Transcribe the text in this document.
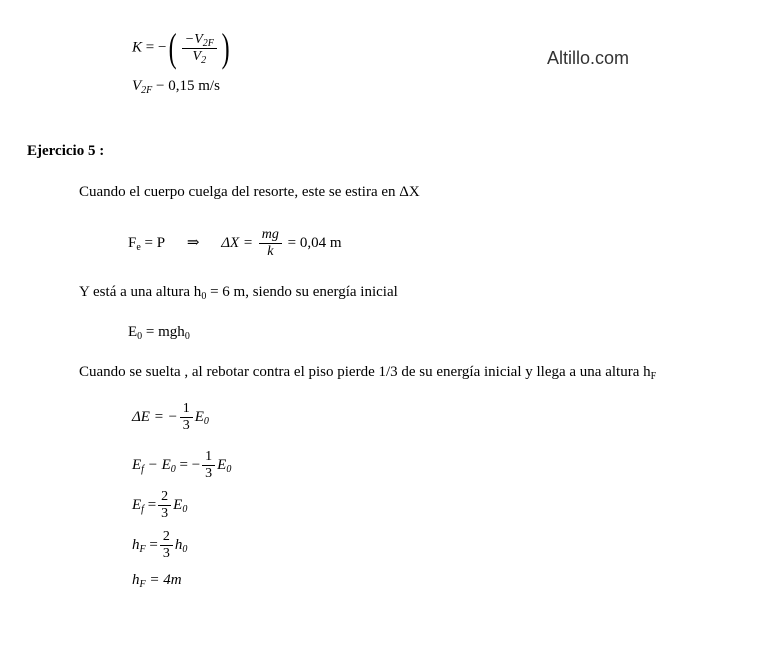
Altillo.com
K = −( $\frac{-V_{2F}}{V_2}$ )
$V_{2F} - 0,15$ m/s
Ejercicio 5 :
Cuando el cuerpo cuelga del resorte, este se estira en ΔX
$F_e = P$ ⇒ $\Delta X = \frac{mg}{k} = 0,04$ m
Y está a una altura $h_0 = 6$ m, siendo su energía inicial
$E_0 = mgh_0$
Cuando se suelta , al rebotar contra el piso pierde 1/3 de su energía inicial y llega a una altura $h_F$
ΔE = − $\frac{1}{3} E_0$
$E_f - E_0$ = − $\frac{1}{3} E_0$
$E_f = \frac{2}{3} E_0$
$h_F = \frac{2}{3} h_0$
$h_F = 4m$
